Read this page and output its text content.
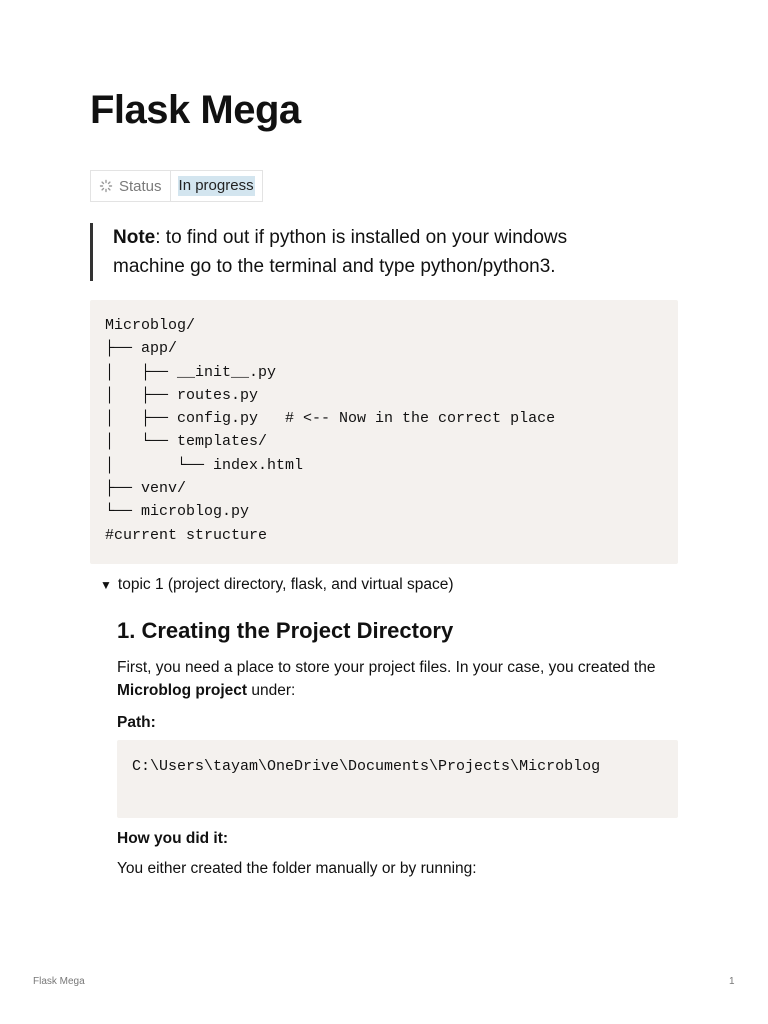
Flask Mega
Status In progress
Note: to find out if python is installed on your windows machine go to the terminal and type python/python3.
Microblog/
├── app/
│   ├── __init__.py
│   ├── routes.py
│   ├── config.py   # <-- Now in the correct place
│   └── templates/
│       └── index.html
├── venv/
└── microblog.py
#current structure
▼ topic 1 (project directory, flask, and virtual space)
1. Creating the Project Directory

First, you need a place to store your project files. In your case, you created the Microblog project under:

Path:

C:\Users\tayam\OneDrive\Documents\Projects\Microblog

How you did it:

You either created the folder manually or by running:

Flask Mega	1
